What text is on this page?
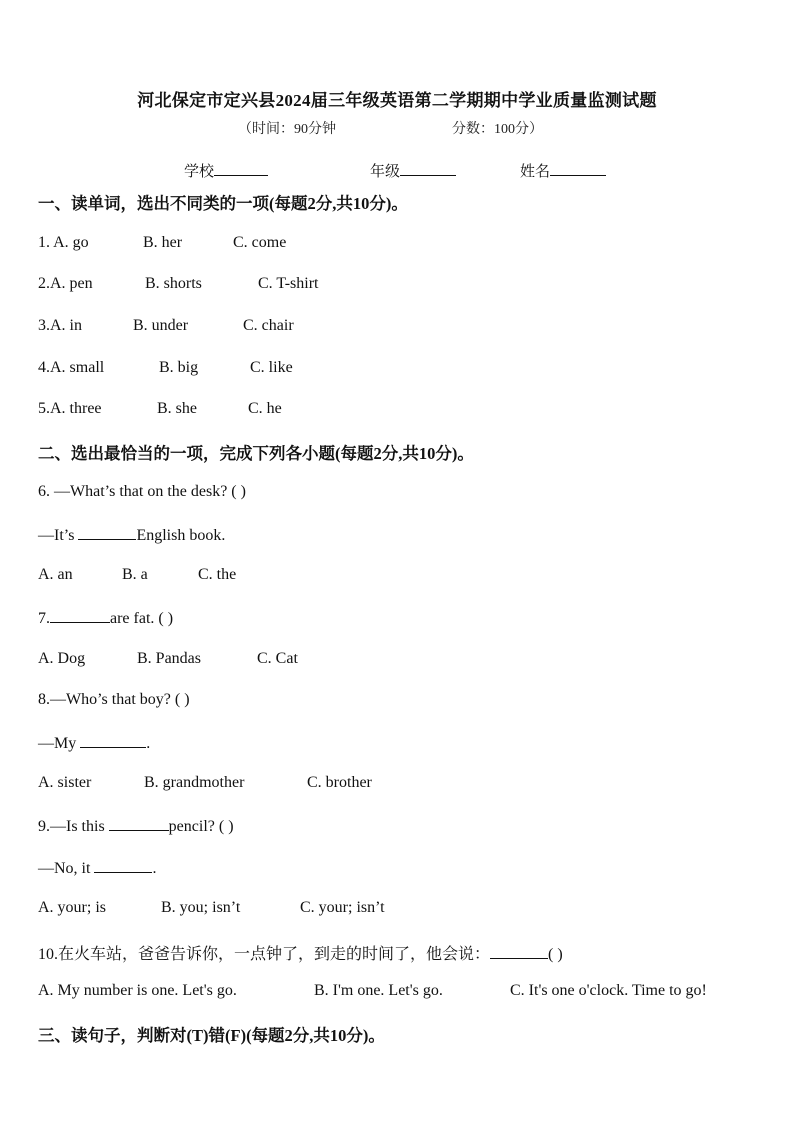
河北保定市定兴县2024届三年级英语第二学期期中学业质量监测试题
（时间：90分钟	分数：100分）
学校	年级	姓名
一、读单词，选出不同类的一项(每题2分,共10分)。
1. A. go	B. her	C. come
2.A. pen	B. shorts	C. T-shirt
3.A. in	B. under	C. chair
4.A. small	B. big	C. like
5.A. three	B. she	C. he
二、选出最恰当的一项，完成下列各小题(每题2分,共10分)。
6. —What’s that on the desk? ( )
—It’s	English book.
A. an	B. a	C. the
7.	are fat. ( )
A. Dog	B. Pandas	C. Cat
8.—Who’s that boy? ( )
—My	.
A. sister	B. grandmother	C. brother
9.—Is this	pencil? ( )
—No, it	.
A. your; is	B. you; isn’t	C. your; isn’t
10.在火车站，爸爸告诉你，一点钟了，到走的时间了，他会说：	( )
A. My number is one. Let's go.	B. I'm one. Let's go.	C. It's one o'clock. Time to go!
三、读句子，判断对(T)错(F)(每题2分,共10分)。
